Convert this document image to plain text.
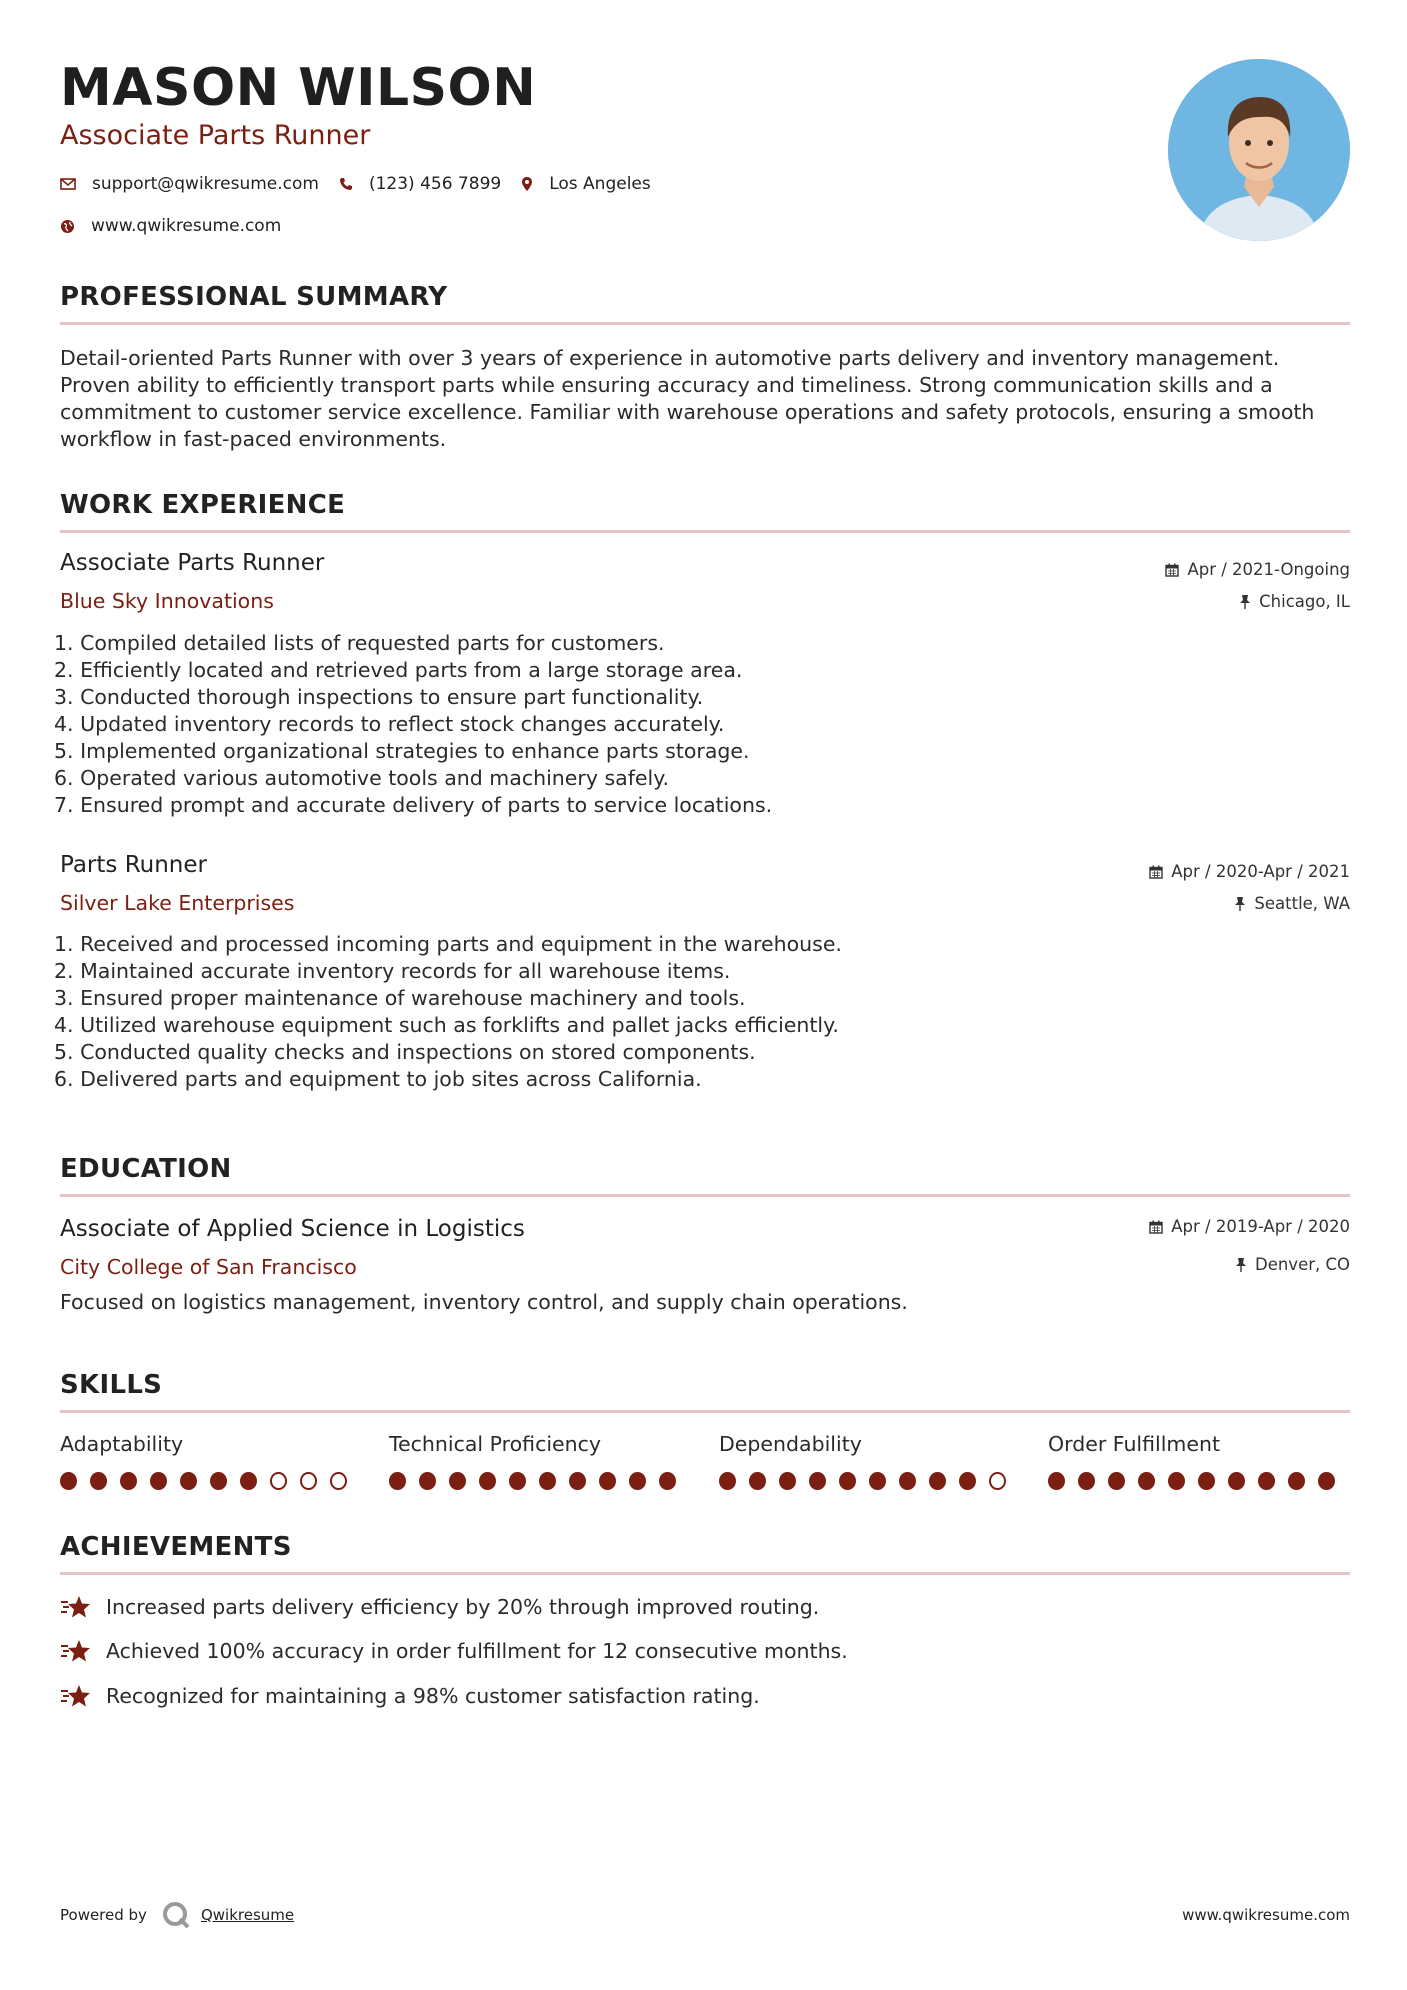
MASON WILSON
Associate Parts Runner
support@qwikresume.com	(123) 456 7899	Los Angeles
www.qwikresume.com
PROFESSIONAL SUMMARY
Detail-oriented Parts Runner with over 3 years of experience in automotive parts delivery and inventory management. Proven ability to efficiently transport parts while ensuring accuracy and timeliness. Strong communication skills and a commitment to customer service excellence. Familiar with warehouse operations and safety protocols, ensuring a smooth workflow in fast-paced environments.
WORK EXPERIENCE
Associate Parts Runner
Blue Sky Innovations
Apr / 2021-Ongoing
Chicago, IL
1. Compiled detailed lists of requested parts for customers.
2. Efficiently located and retrieved parts from a large storage area.
3. Conducted thorough inspections to ensure part functionality.
4. Updated inventory records to reflect stock changes accurately.
5. Implemented organizational strategies to enhance parts storage.
6. Operated various automotive tools and machinery safely.
7. Ensured prompt and accurate delivery of parts to service locations.
Parts Runner
Silver Lake Enterprises
Apr / 2020-Apr / 2021
Seattle, WA
1. Received and processed incoming parts and equipment in the warehouse.
2. Maintained accurate inventory records for all warehouse items.
3. Ensured proper maintenance of warehouse machinery and tools.
4. Utilized warehouse equipment such as forklifts and pallet jacks efficiently.
5. Conducted quality checks and inspections on stored components.
6. Delivered parts and equipment to job sites across California.
EDUCATION
Associate of Applied Science in Logistics
City College of San Francisco
Apr / 2019-Apr / 2020
Denver, CO
Focused on logistics management, inventory control, and supply chain operations.
SKILLS
Adaptability	Technical Proficiency	Dependability	Order Fulfillment
ACHIEVEMENTS
Increased parts delivery efficiency by 20% through improved routing.
Achieved 100% accuracy in order fulfillment for 12 consecutive months.
Recognized for maintaining a 98% customer satisfaction rating.
Powered by	Qwikresume	www.qwikresume.com
